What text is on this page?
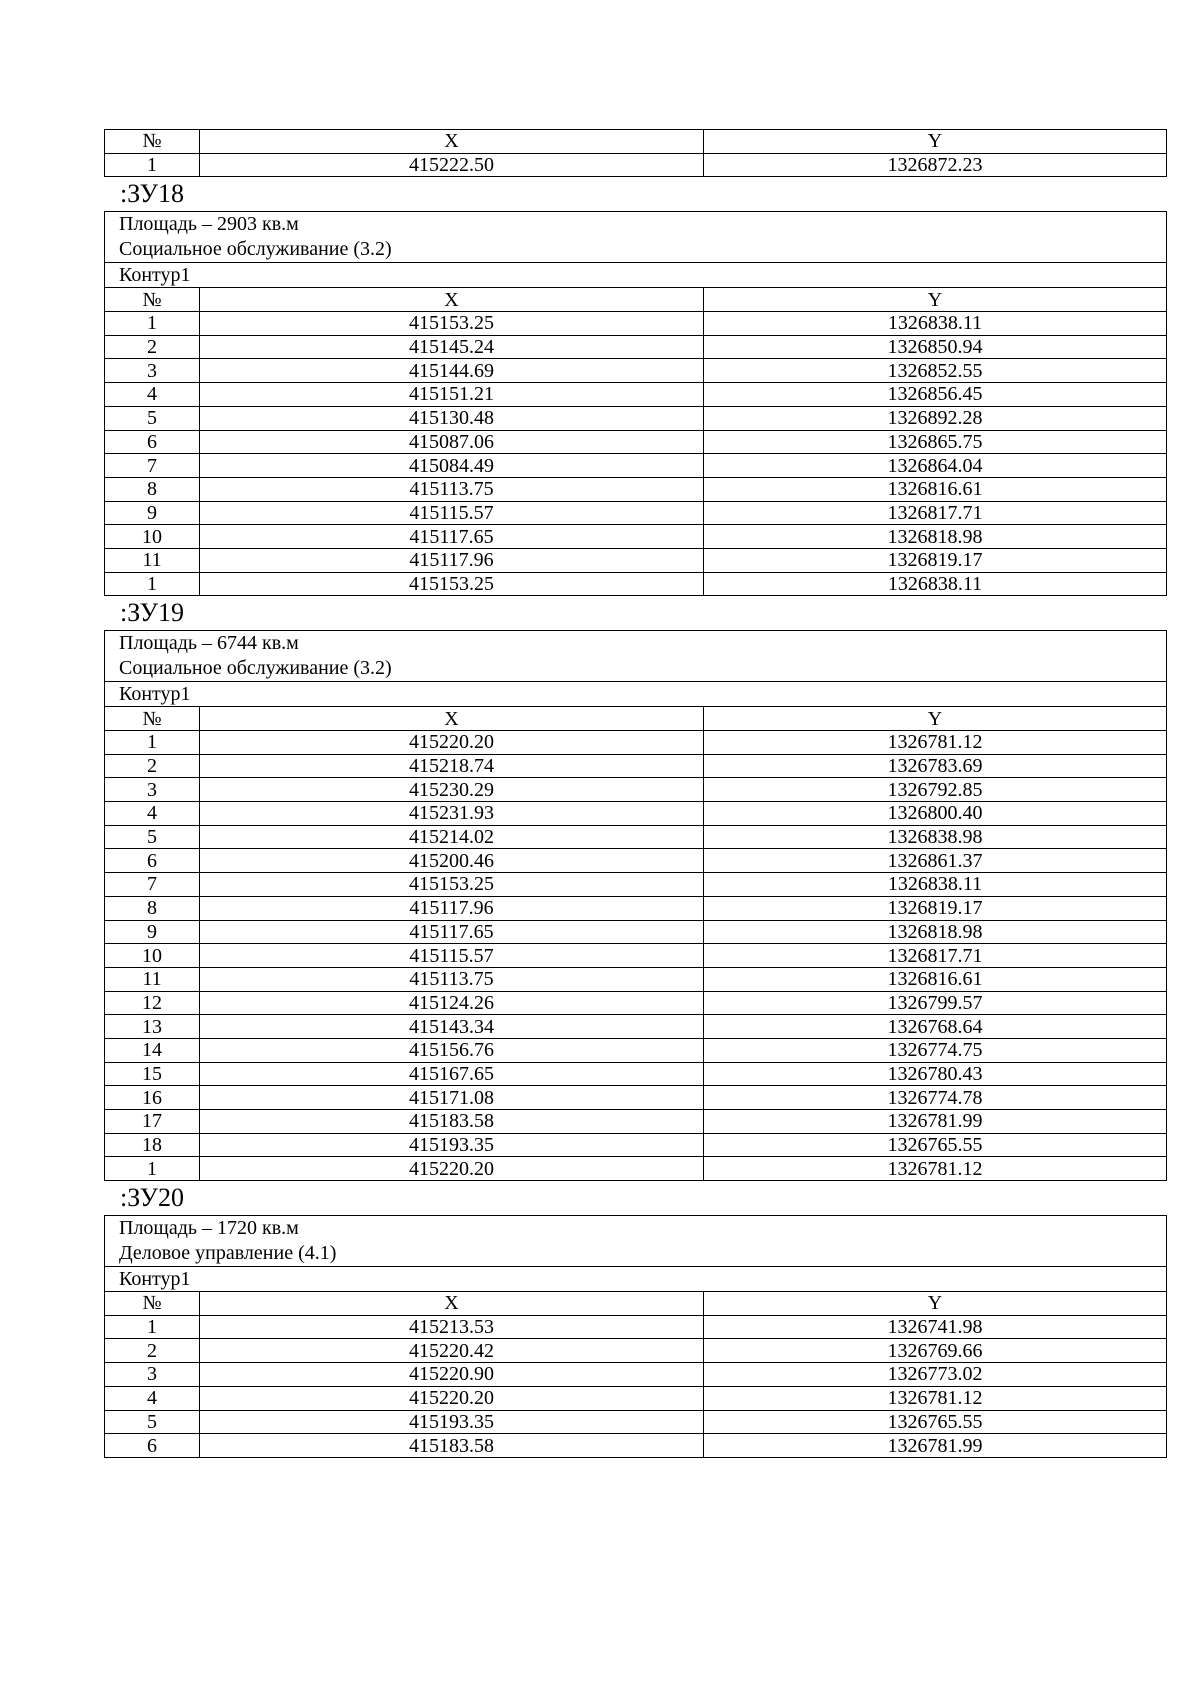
№	X	Y
1	415222.50	1326872.23
:ЗУ18
Площадь – 2903 кв.м
Социальное обслуживание (3.2)		

Контур1		
№	X	Y
1	415153.25	1326838.11
2	415145.24	1326850.94
3	415144.69	1326852.55
4	415151.21	1326856.45
5	415130.48	1326892.28
6	415087.06	1326865.75
7	415084.49	1326864.04
8	415113.75	1326816.61
9	415115.57	1326817.71
10	415117.65	1326818.98
11	415117.96	1326819.17
1	415153.25	1326838.11
:ЗУ19
Площадь – 6744 кв.м
Социальное обслуживание (3.2)		

Контур1		
№	X	Y
1	415220.20	1326781.12
2	415218.74	1326783.69
3	415230.29	1326792.85
4	415231.93	1326800.40
5	415214.02	1326838.98
6	415200.46	1326861.37
7	415153.25	1326838.11
8	415117.96	1326819.17
9	415117.65	1326818.98
10	415115.57	1326817.71
11	415113.75	1326816.61
12	415124.26	1326799.57
13	415143.34	1326768.64
14	415156.76	1326774.75
15	415167.65	1326780.43
16	415171.08	1326774.78
17	415183.58	1326781.99
18	415193.35	1326765.55
1	415220.20	1326781.12
:ЗУ20
Площадь – 1720 кв.м
Деловое управление (4.1)		

Контур1		
№	X	Y
1	415213.53	1326741.98
2	415220.42	1326769.66
3	415220.90	1326773.02
4	415220.20	1326781.12
5	415193.35	1326765.55
6	415183.58	1326781.99
